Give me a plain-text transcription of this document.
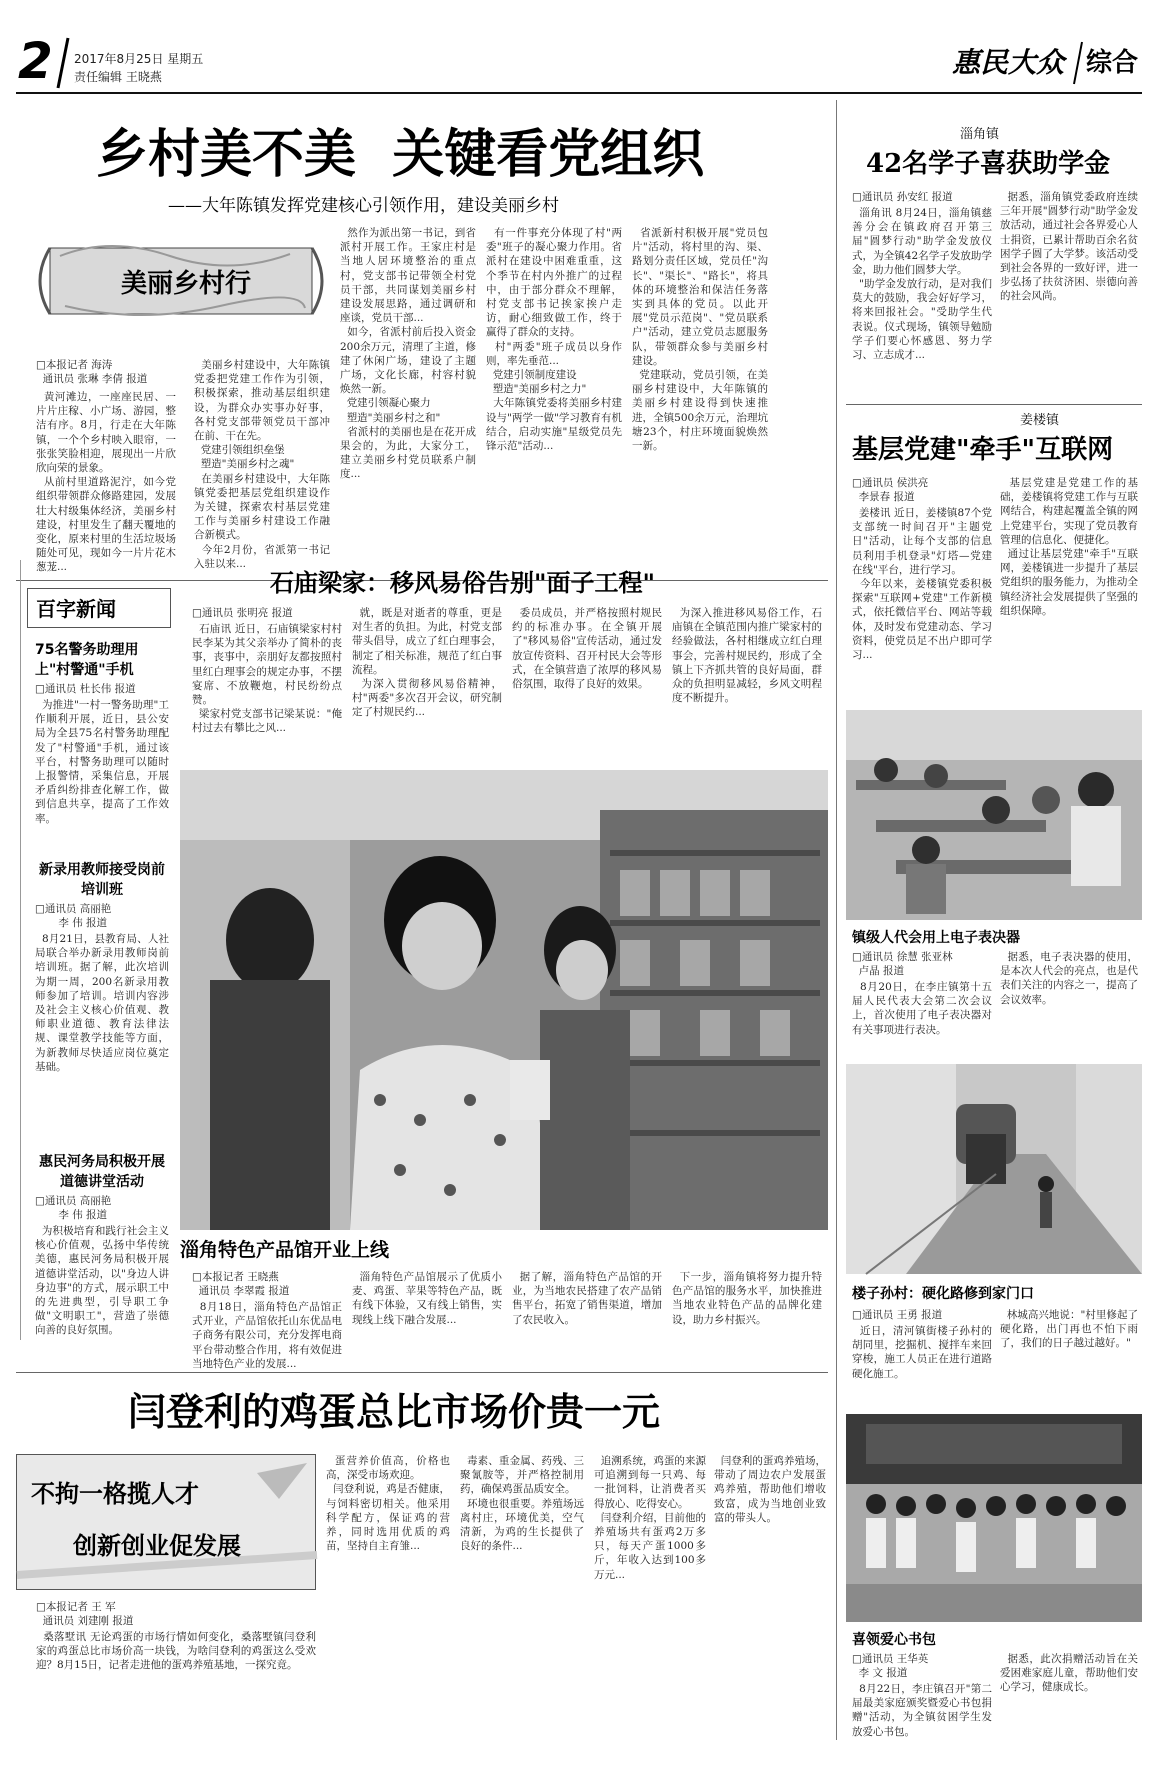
2	2017年8月25日 星期五
责任编辑 王晓燕	惠民大众 综合
乡村美不美  关键看党组织
——大年陈镇发挥党建核心引领作用，建设美丽乡村
美丽乡村行
□本报记者 海涛
通讯员 张琳 李倩 报道
黄河滩边，一座座民居、一片片庄稼、小广场、游园，整洁有序。8月，行走在大年陈镇，一个个乡村映入眼帘，一张张笑脸相迎，展现出一片欣欣向荣的景象。
从前村里道路泥泞，如今党组织带领群众修路建园，发展壮大村级集体经济，美丽乡村建设，村里发生了翻天覆地的变化，原来村里的生活垃圾场随处可见，现如今一片片花木葱茏...
美丽乡村建设中，大年陈镇党委把党建工作作为引领，积极探索，推动基层组织建设，为群众办实事办好事，各村党支部带领党员干部冲在前、干在先。
党建引领组织垒堡
塑造"美丽乡村之魂"
在美丽乡村建设中，大年陈镇党委把基层党组织建设作为关键，探索农村基层党建工作与美丽乡村建设工作融合新模式。
今年2月份，省派第一书记入驻以来...
然作为派出第一书记，到省派村开展工作。王家庄村是当地人居环境整治的重点村，党支部书记带领全村党员干部，共同谋划美丽乡村建设发展思路，通过调研和座谈，党员干部...
如今，省派村前后投入资金200余万元，清理了主道，修建了休闲广场，建设了主题广场，文化长廊，村容村貌焕然一新。
党建引领凝心聚力
塑造"美丽乡村之和"
省派村的美丽也是在花开成果会的，为此，大家分工，建立美丽乡村党员联系户制度...
有一件事充分体现了村"两委"班子的凝心聚力作用。省派村在建设中困难重重，这个季节在村内外推广的过程中，由于部分群众不理解，村党支部书记挨家挨户走访，耐心细致做工作，终于赢得了群众的支持。
村"两委"班子成员以身作则，率先垂范...
党建引领制度建设
塑造"美丽乡村之力"
大年陈镇党委将美丽乡村建设与"两学一做"学习教育有机结合，启动实施"星级党员先锋示范"活动...
省派新村积极开展"党员包片"活动，将村里的沟、渠、路划分责任区域，党员任"沟长"、"渠长"、"路长"，将具体的环境整治和保洁任务落实到具体的党员。以此开展"党员示范岗"、"党员联系户"活动，建立党员志愿服务队，带领群众参与美丽乡村建设。
党建联动，党员引领，在美丽乡村建设中，大年陈镇的美丽乡村建设得到快速推进，全镇500余万元，治理坑塘23个，村庄环境面貌焕然一新。
淄角镇
42名学子喜获助学金
□通讯员 孙安红 报道
淄角讯 8月24日，淄角镇慈善分会在镇政府召开第三届"圆梦行动"助学金发放仪式，为全镇42名学子发放助学金，助力他们圆梦大学。
"助学金发放行动，是对我们莫大的鼓励，我会好好学习，将来回报社会。"受助学生代表说。仪式现场，镇领导勉励学子们要心怀感恩、努力学习、立志成才...
据悉，淄角镇党委政府连续三年开展"圆梦行动"助学金发放活动，通过社会各界爱心人士捐资，已累计帮助百余名贫困学子圆了大学梦。该活动受到社会各界的一致好评，进一步弘扬了扶贫济困、崇德向善的社会风尚。
姜楼镇
基层党建"牵手"互联网
□通讯员 侯洪亮
李景春 报道
姜楼讯 近日，姜楼镇87个党支部统一时间召开"主题党日"活动，让每个支部的信息员利用手机登录"灯塔—党建在线"平台，进行学习。
今年以来，姜楼镇党委积极探索"互联网+党建"工作新模式，依托微信平台、网站等载体，及时发布党建动态、学习资料，使党员足不出户即可学习...
基层党建是党建工作的基础，姜楼镇将党建工作与互联网结合，构建起覆盖全镇的网上党建平台，实现了党员教育管理的信息化、便捷化。
通过让基层党建"牵手"互联网，姜楼镇进一步提升了基层党组织的服务能力，为推动全镇经济社会发展提供了坚强的组织保障。
镇级人代会用上电子表决器
□通讯员 徐慧 张亚林
卢晶 报道
8月20日，在李庄镇第十五届人民代表大会第二次会议上，首次使用了电子表决器对有关事项进行表决。
据悉，电子表决器的使用，是本次人代会的亮点，也是代表们关注的内容之一，提高了会议效率。
楼子孙村：硬化路修到家门口
□通讯员 王勇 报道
近日，清河镇街楼子孙村的胡同里，挖掘机、搅拌车来回穿梭，施工人员正在进行道路硬化施工。
林城高兴地说："村里修起了硬化路，出门再也不怕下雨了，我们的日子越过越好。"
喜领爱心书包
□通讯员 王华英
李 文 报道
8月22日，李庄镇召开"第二届最美家庭颁奖暨爱心书包捐赠"活动，为全镇贫困学生发放爱心书包。
据悉，此次捐赠活动旨在关爱困难家庭儿童，帮助他们安心学习，健康成长。
百字新闻
75名警务助理用上"村警通"手机
□通讯员 杜长伟 报道
为推进"一村一警务助理"工作顺利开展，近日，县公安局为全县75名村警务助理配发了"村警通"手机，通过该平台，村警务助理可以随时上报警情，采集信息，开展矛盾纠纷排查化解工作，做到信息共享，提高了工作效率。
新录用教师接受岗前培训班
□通讯员 高丽艳
李 伟 报道
8月21日，县教育局、人社局联合举办新录用教师岗前培训班。据了解，此次培训为期一周，200名新录用教师参加了培训。培训内容涉及社会主义核心价值观、教师职业道德、教育法律法规、课堂教学技能等方面，为新教师尽快适应岗位奠定基础。
惠民河务局积极开展道德讲堂活动
□通讯员 高丽艳
李 伟 报道
为积极培育和践行社会主义核心价值观，弘扬中华传统美德，惠民河务局积极开展道德讲堂活动，以"身边人讲身边事"的方式，展示职工中的先进典型，引导职工争做"文明职工"，营造了崇德向善的良好氛围。
石庙梁家：移风易俗告别"面子工程"
□通讯员 张明亮 报道
石庙讯 近日，石庙镇梁家村村民李某为其父亲举办了简朴的丧事，丧事中，亲朋好友都按照村里红白理事会的规定办事，不摆宴席、不放鞭炮，村民纷纷点赞。
梁家村党支部书记梁某说："俺村过去有攀比之风...
就，既是对逝者的尊重，更是对生者的负担。为此，村党支部带头倡导，成立了红白理事会，制定了相关标准，规范了红白事流程。
为深入贯彻移风易俗精神，村"两委"多次召开会议，研究制定了村规民约...
委员成员，并严格按照村规民约的标准办事。在全镇开展了"移风易俗"宣传活动，通过发放宣传资料、召开村民大会等形式，在全镇营造了浓厚的移风易俗氛围，取得了良好的效果。
为深入推进移风易俗工作，石庙镇在全镇范围内推广梁家村的经验做法，各村相继成立红白理事会，完善村规民约，形成了全镇上下齐抓共管的良好局面，群众的负担明显减轻，乡风文明程度不断提升。
淄角特色产品馆开业上线
□本报记者 王晓燕
通讯员 李翠霞 报道
8月18日，淄角特色产品馆正式开业，产品馆依托山东优品电子商务有限公司，充分发挥电商平台带动整合作用，将有效促进当地特色产业的发展...
淄角特色产品馆展示了优质小麦、鸡蛋、苹果等特色产品，既有线下体验，又有线上销售，实现线上线下融合发展...
据了解，淄角特色产品馆的开业，为当地农民搭建了农产品销售平台，拓宽了销售渠道，增加了农民收入。
下一步，淄角镇将努力提升特色产品馆的服务水平，加快推进当地农业特色产品的品牌化建设，助力乡村振兴。
闫登利的鸡蛋总比市场价贵一元
不拘一格揽人才
创新创业促发展
□本报记者 王 军
通讯员 刘建刚 报道
桑落墅讯 无论鸡蛋的市场行情如何变化，桑落墅镇闫登利家的鸡蛋总比市场价高一块钱，为啥闫登利的鸡蛋这么受欢迎？8月15日，记者走进他的蛋鸡养殖基地，一探究竟。
蛋营养价值高，价格也高，深受市场欢迎。
闫登利说，鸡是否健康，与饲料密切相关。他采用科学配方，保证鸡的营养，同时选用优质的鸡苗，坚持自主育雏...
毒素、重金属、药残、三聚氰胺等，并严格控制用药，确保鸡蛋品质安全。
环境也很重要。养殖场远离村庄，环境优美，空气清新，为鸡的生长提供了良好的条件...
追溯系统，鸡蛋的来源可追溯到每一只鸡、每一批饲料，让消费者买得放心、吃得安心。
闫登利介绍，目前他的养殖场共有蛋鸡2万多只，每天产蛋1000多斤，年收入达到100多万元...
闫登利的蛋鸡养殖场，带动了周边农户发展蛋鸡养殖，帮助他们增收致富，成为当地创业致富的带头人。
